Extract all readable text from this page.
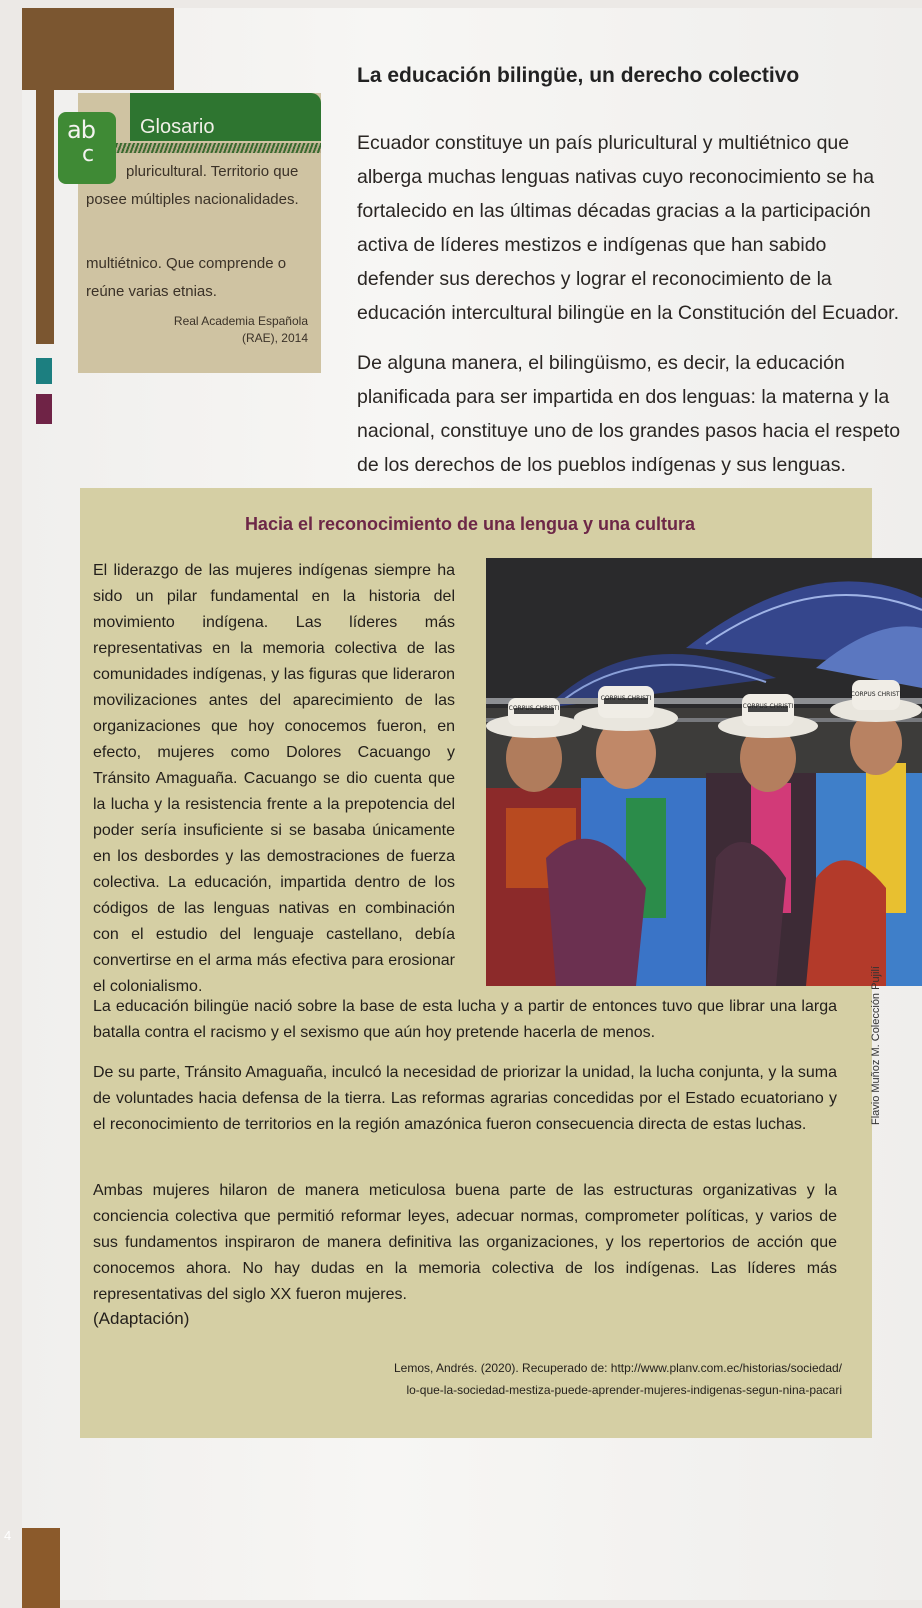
4
ab
c
Glosario
pluricultural. Territorio que posee múltiples nacionalidades.
multiétnico. Que comprende o reúne varias etnias.
Real Academia Española
(RAE), 2014
La educación bilingüe, un derecho colectivo
Ecuador constituye un país pluricultural y multiétnico que alberga muchas lenguas nativas cuyo reconocimiento se ha fortalecido en las últimas décadas gracias a la participación activa de líderes mestizos e indígenas que han sabido defender sus derechos y lograr el reconocimiento de la educación intercultural bilingüe en la Constitución del Ecuador.
De alguna manera, el bilingüismo, es decir, la educación planificada para ser impartida en dos lenguas: la materna y la nacional, constituye uno de los grandes pasos hacia el respeto de los derechos de los pueblos indígenas y sus lenguas.
Hacia el reconocimiento de una lengua y una cultura
CORPUS CHRISTI
CORPUS CHRISTI
CORPUS CHRISTI
CORPUS CHRISTI
El liderazgo de las mujeres indígenas siempre ha sido un pilar fundamental en la historia del movimiento indígena. Las líderes más representativas en la memoria colectiva de las comunidades indígenas, y las figuras que lideraron movilizaciones antes del aparecimiento de las organizaciones que hoy conocemos fueron, en efecto, mujeres como Dolores Cacuango y Tránsito Amaguaña. Cacuango se dio cuenta que la lucha y la resistencia frente a la prepotencia del poder sería insuficiente si se basaba únicamente en los desbordes y las demostraciones de fuerza colectiva. La educación, impartida dentro de los códigos de las lenguas nativas en combinación con el estudio del lenguaje castellano, debía convertirse en el arma más efectiva para erosionar el colonialismo.
La educación bilingüe nació sobre la base de esta lucha y a partir de entonces tuvo que librar una larga batalla contra el racismo y el sexismo que aún hoy pretende hacerla de menos.
De su parte, Tránsito Amaguaña, inculcó la necesidad de priorizar la unidad, la lucha conjunta, y la suma de voluntades hacia defensa de la tierra. Las reformas agrarias concedidas por el Estado ecuatoriano y el reconocimiento de territorios en la región amazónica fueron consecuencia directa de estas luchas.
Ambas mujeres hilaron de manera meticulosa buena parte de las estructuras organizativas y la conciencia colectiva que permitió reformar leyes, adecuar normas, comprometer políticas, y varios de sus fundamentos inspiraron de manera definitiva las organizaciones, y los repertorios de acción que conocemos ahora. No hay dudas en la memoria colectiva de los indígenas. Las líderes más representativas del siglo XX fueron mujeres.
(Adaptación)
Flavio Muñoz M. Colección Pujilí
Lemos, Andrés. (2020). Recuperado de: http://www.planv.com.ec/historias/sociedad/
lo-que-la-sociedad-mestiza-puede-aprender-mujeres-indigenas-segun-nina-pacari
